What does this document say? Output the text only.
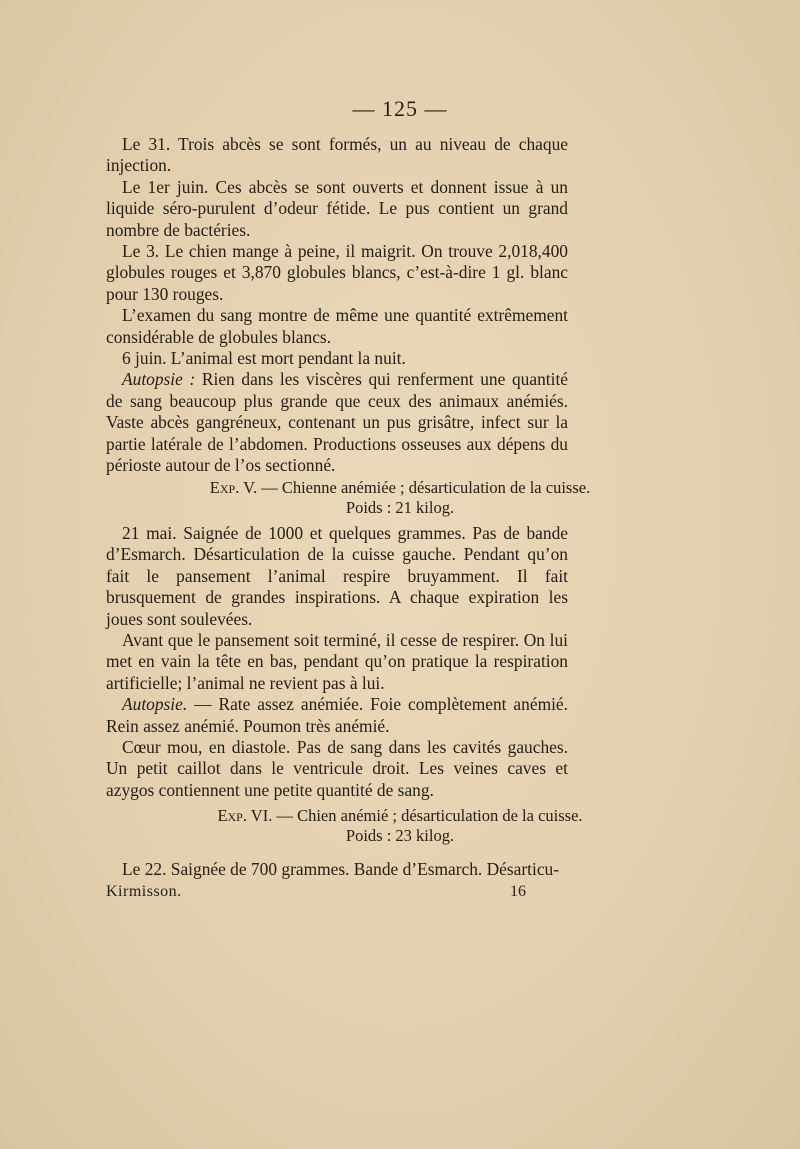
— 125 —

Le 31. Trois abcès se sont formés, un au niveau de chaque injection.

Le 1er juin. Ces abcès se sont ouverts et donnent issue à un liquide séro-purulent d’odeur fétide. Le pus contient un grand nombre de bactéries.

Le 3. Le chien mange à peine, il maigrit. On trouve 2,018,400 globules rouges et 3,870 globules blancs, c’est-à-dire 1 gl. blanc pour 130 rouges.

L’examen du sang montre de même une quantité extrêmement considérable de globules blancs.

6 juin. L’animal est mort pendant la nuit.

Autopsie : Rien dans les viscères qui renferment une quantité de sang beaucoup plus grande que ceux des animaux anémiés. Vaste abcès gangréneux, contenant un pus grisâtre, infect sur la partie latérale de l’abdomen. Productions osseuses aux dépens du périoste autour de l’os sectionné.

Exp. V. — Chienne anémiée ; désarticulation de la cuisse.
Poids : 21 kilog.

21 mai. Saignée de 1000 et quelques grammes. Pas de bande d’Esmarch. Désarticulation de la cuisse gauche. Pendant qu’on fait le pansement l’animal respire bruyamment. Il fait brusquement de grandes inspirations. A chaque expiration les joues sont soulevées.

Avant que le pansement soit terminé, il cesse de respirer. On lui met en vain la tête en bas, pendant qu’on pratique la respiration artificielle; l’animal ne revient pas à lui.

Autopsie. — Rate assez anémiée. Foie complètement anémié. Rein assez anémié. Poumon très anémié.

Cœur mou, en diastole. Pas de sang dans les cavités gauches. Un petit caillot dans le ventricule droit. Les veines caves et azygos contiennent une petite quantité de sang.

Exp. VI. — Chien anémié ; désarticulation de la cuisse.
Poids : 23 kilog.

Le 22. Saignée de 700 grammes. Bande d’Esmarch. Désarticu-

Kirmisson.	16
